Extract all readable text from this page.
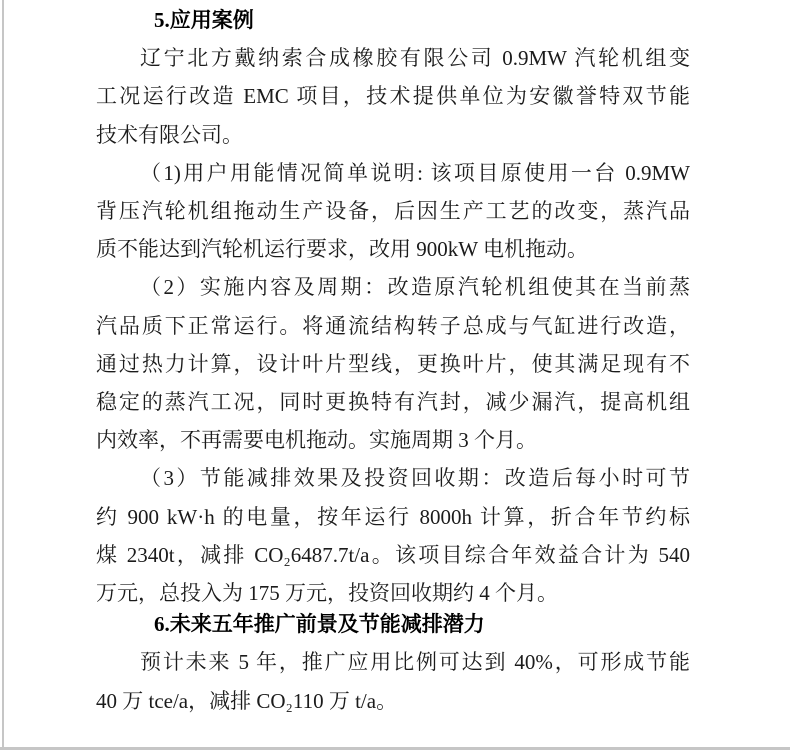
5.应用案例
辽宁北方戴纳索合成橡胶有限公司 0.9MW 汽轮机组变
工况运行改造 EMC 项目，技术提供单位为安徽誉特双节能
技术有限公司。
（1)用户用能情况简单说明: 该项目原使用一台 0.9MW
背压汽轮机组拖动生产设备，后因生产工艺的改变，蒸汽品
质不能达到汽轮机运行要求，改用 900kW 电机拖动。
（2）实施内容及周期：改造原汽轮机组使其在当前蒸
汽品质下正常运行。将通流结构转子总成与气缸进行改造，
通过热力计算，设计叶片型线，更换叶片，使其满足现有不
稳定的蒸汽工况，同时更换特有汽封，减少漏汽，提高机组
内效率，不再需要电机拖动。实施周期 3 个月。
（3）节能减排效果及投资回收期：改造后每小时可节
约 900 kW·h 的电量，按年运行 8000h 计算，折合年节约标
煤 2340t，减排 CO₂6487.7t/a。该项目综合年效益合计为 540
万元，总投入为 175 万元，投资回收期约 4 个月。
6.未来五年推广前景及节能减排潜力
预计未来 5 年，推广应用比例可达到 40%，可形成节能
40 万 tce/a，减排 CO₂110 万 t/a。
